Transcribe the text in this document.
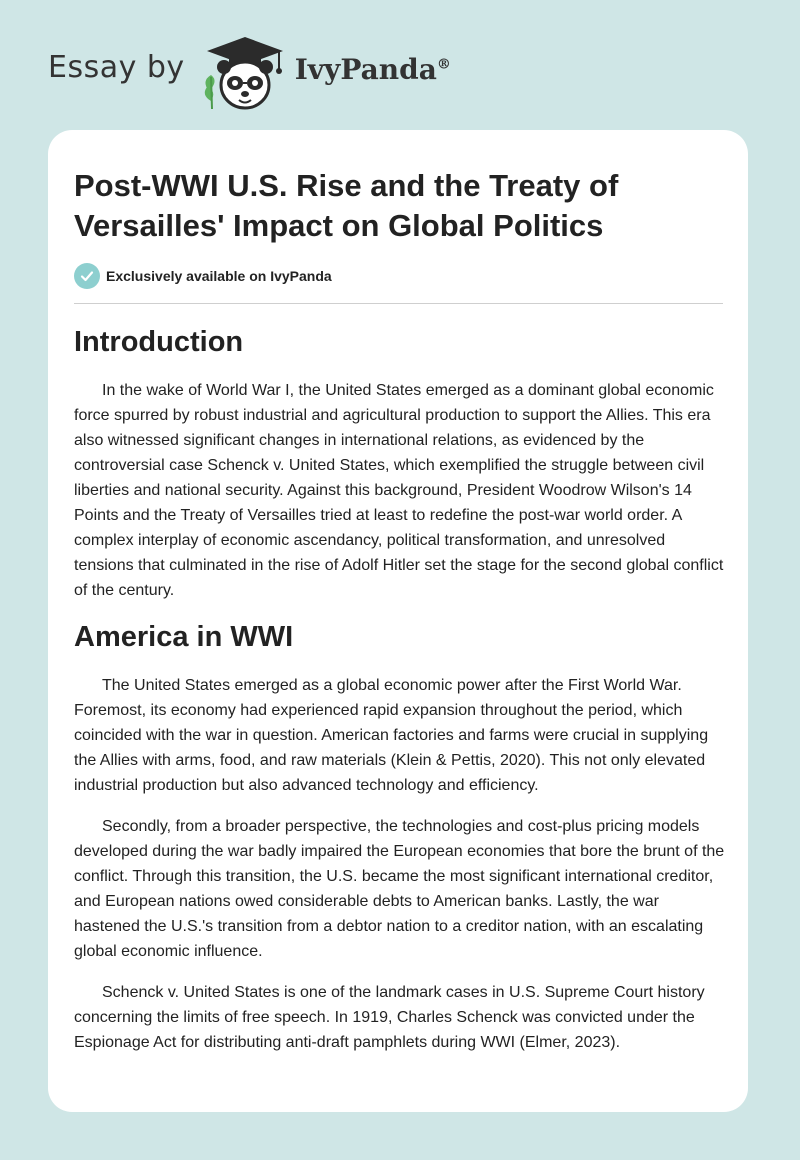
Essay by	IvyPanda®
Post-WWI U.S. Rise and the Treaty of Versailles' Impact on Global Politics
Exclusively available on IvyPanda
Introduction

In the wake of World War I, the United States emerged as a dominant global economic force spurred by robust industrial and agricultural production to support the Allies. This era also witnessed significant changes in international relations, as evidenced by the controversial case Schenck v. United States, which exemplified the struggle between civil liberties and national security. Against this background, President Woodrow Wilson's 14 Points and the Treaty of Versailles tried at least to redefine the post-war world order. A complex interplay of economic ascendancy, political transformation, and unresolved tensions that culminated in the rise of Adolf Hitler set the stage for the second global conflict of the century.

America in WWI

The United States emerged as a global economic power after the First World War. Foremost, its economy had experienced rapid expansion throughout the period, which coincided with the war in question. American factories and farms were crucial in supplying the Allies with arms, food, and raw materials (Klein & Pettis, 2020). This not only elevated industrial production but also advanced technology and efficiency.

Secondly, from a broader perspective, the technologies and cost-plus pricing models developed during the war badly impaired the European economies that bore the brunt of the conflict. Through this transition, the U.S. became the most significant international creditor, and European nations owed considerable debts to American banks. Lastly, the war hastened the U.S.'s transition from a debtor nation to a creditor nation, with an escalating global economic influence.

Schenck v. United States is one of the landmark cases in U.S. Supreme Court history concerning the limits of free speech. In 1919, Charles Schenck was convicted under the Espionage Act for distributing anti-draft pamphlets during WWI (Elmer, 2023).
